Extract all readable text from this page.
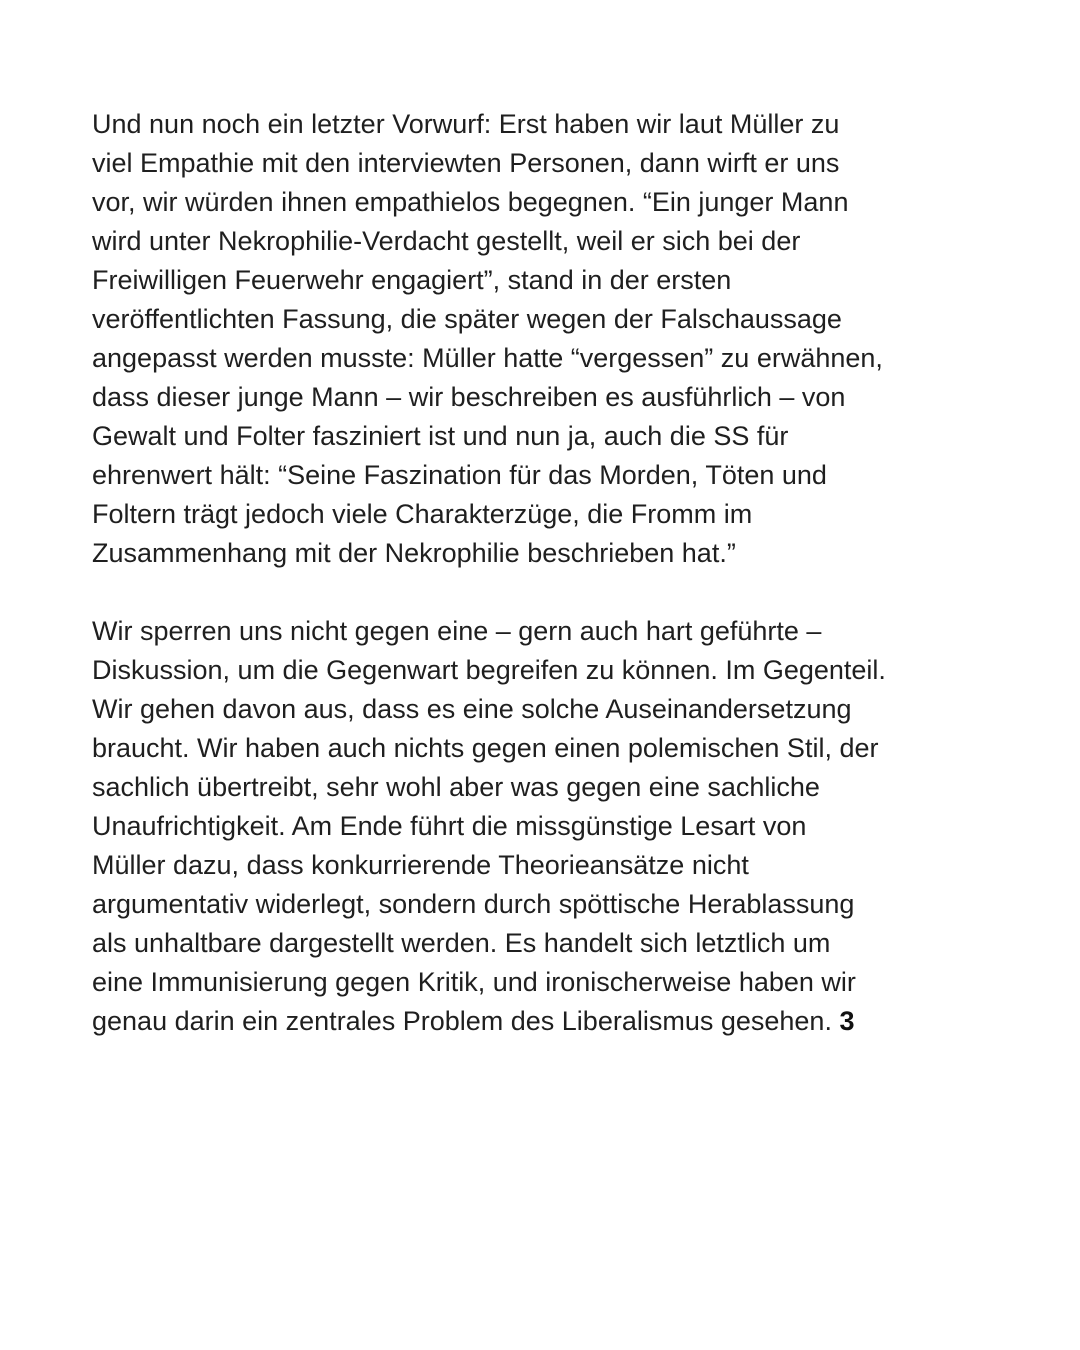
Und nun noch ein letzter Vorwurf: Erst haben wir laut Müller zu
viel Empathie mit den interviewten Personen, dann wirft er uns
vor, wir würden ihnen empathielos begegnen. “Ein junger Mann
wird unter Nekrophilie-Verdacht gestellt, weil er sich bei der
Freiwilligen Feuerwehr engagiert”, stand in der ersten
veröffentlichten Fassung, die später wegen der Falschaussage
angepasst werden musste: Müller hatte “vergessen” zu erwähnen,
dass dieser junge Mann – wir beschreiben es ausführlich – von
Gewalt und Folter fasziniert ist und nun ja, auch die SS für
ehrenwert hält: “Seine Faszination für das Morden, Töten und
Foltern trägt jedoch viele Charakterzüge, die Fromm im
Zusammenhang mit der Nekrophilie beschrieben hat.”
Wir sperren uns nicht gegen eine – gern auch hart geführte –
Diskussion, um die Gegenwart begreifen zu können. Im Gegenteil.
Wir gehen davon aus, dass es eine solche Auseinandersetzung
braucht. Wir haben auch nichts gegen einen polemischen Stil, der
sachlich übertreibt, sehr wohl aber was gegen eine sachliche
Unaufrichtigkeit. Am Ende führt die missgünstige Lesart von
Müller dazu, dass konkurrierende Theorieansätze nicht
argumentativ widerlegt, sondern durch spöttische Herablassung
als unhaltbare dargestellt werden. Es handelt sich letztlich um
eine Immunisierung gegen Kritik, und ironischerweise haben wir
genau darin ein zentrales Problem des Liberalismus gesehen. 3
